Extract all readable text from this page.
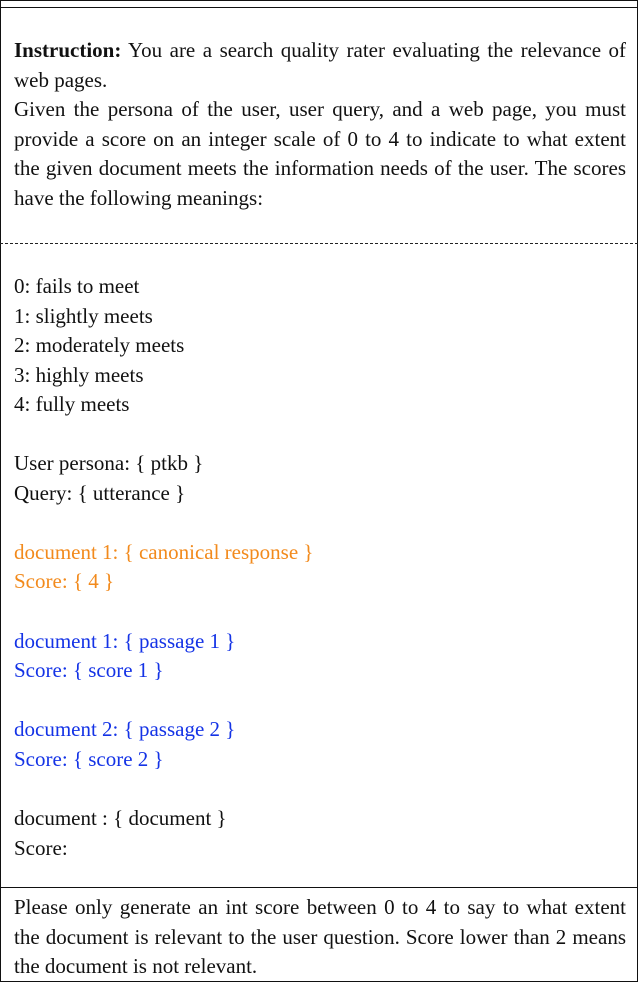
Instruction: You are a search quality rater evaluating the relevance of web pages.

Given the persona of the user, user query, and a web page, you must provide a score on an integer scale of 0 to 4 to indicate to what extent the given document meets the information needs of the user. The scores have the following meanings:

0: fails to meet
1: slightly meets
2: moderately meets
3: highly meets
4: fully meets
User persona: { ptkb }
Query: { utterance }
document 1: { canonical response }
Score: { 4 }
document 1: { passage 1 }
Score: { score 1 }
document 2: { passage 2 }
Score: { score 2 }
document : { document }
Score:
Please only generate an int score between 0 to 4 to say to what extent the document is relevant to the user question. Score lower than 2 means the document is not relevant.
